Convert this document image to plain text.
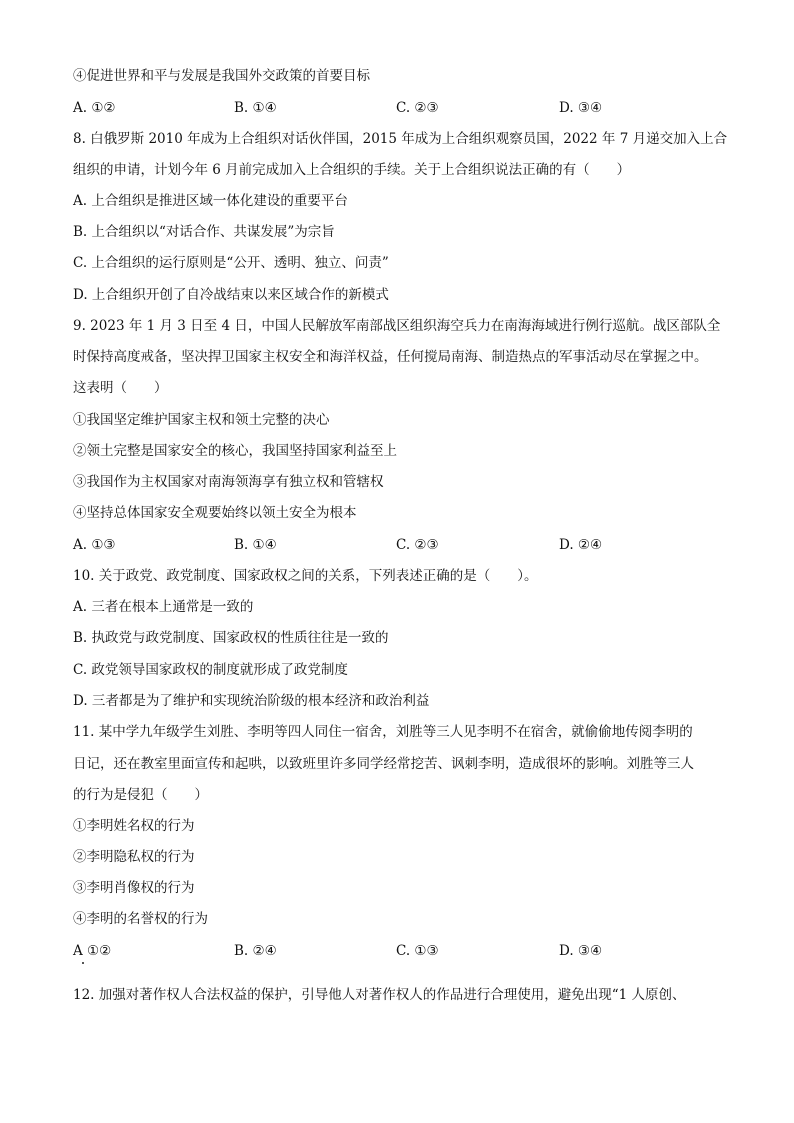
④促进世界和平与发展是我国外交政策的首要目标
A. ①②	B. ①④	C. ②③	D. ③④
8. 白俄罗斯 2010 年成为上合组织对话伙伴国，2015 年成为上合组织观察员国，2022 年 7 月递交加入上合
组织的申请，计划今年 6 月前完成加入上合组织的手续。关于上合组织说法正确的有（　　）
A. 上合组织是推进区域一体化建设的重要平台
B. 上合组织以“对话合作、共谋发展”为宗旨
C. 上合组织的运行原则是“公开、透明、独立、问责”
D. 上合组织开创了自冷战结束以来区域合作的新模式
9. 2023 年 1 月 3 日至 4 日，中国人民解放军南部战区组织海空兵力在南海海域进行例行巡航。战区部队全
时保持高度戒备，坚决捍卫国家主权安全和海洋权益，任何搅局南海、制造热点的军事活动尽在掌握之中。
这表明（　　）
①我国坚定维护国家主权和领土完整的决心
②领土完整是国家安全的核心，我国坚持国家利益至上
③我国作为主权国家对南海领海享有独立权和管辖权
④坚持总体国家安全观要始终以领土安全为根本
A. ①③	B. ①④	C. ②③	D. ②④
10. 关于政党、政党制度、国家政权之间的关系，下列表述正确的是（　　）。
A. 三者在根本上通常是一致的
B. 执政党与政党制度、国家政权的性质往往是一致的
C. 政党领导国家政权的制度就形成了政党制度
D. 三者都是为了维护和实现统治阶级的根本经济和政治利益
11. 某中学九年级学生刘胜、李明等四人同住一宿舍，刘胜等三人见李明不在宿舍，就偷偷地传阅李明的
日记，还在教室里面宣传和起哄，以致班里许多同学经常挖苦、讽刺李明，造成很坏的影响。刘胜等三人
的行为是侵犯（　　）
①李明姓名权的行为
②李明隐私权的行为
③李明肖像权的行为
④李明的名誉权的行为
A ①②	B. ②④	C. ①③	D. ③④
12. 加强对著作权人合法权益的保护，引导他人对著作权人的作品进行合理使用，避免出现“1 人原创、
